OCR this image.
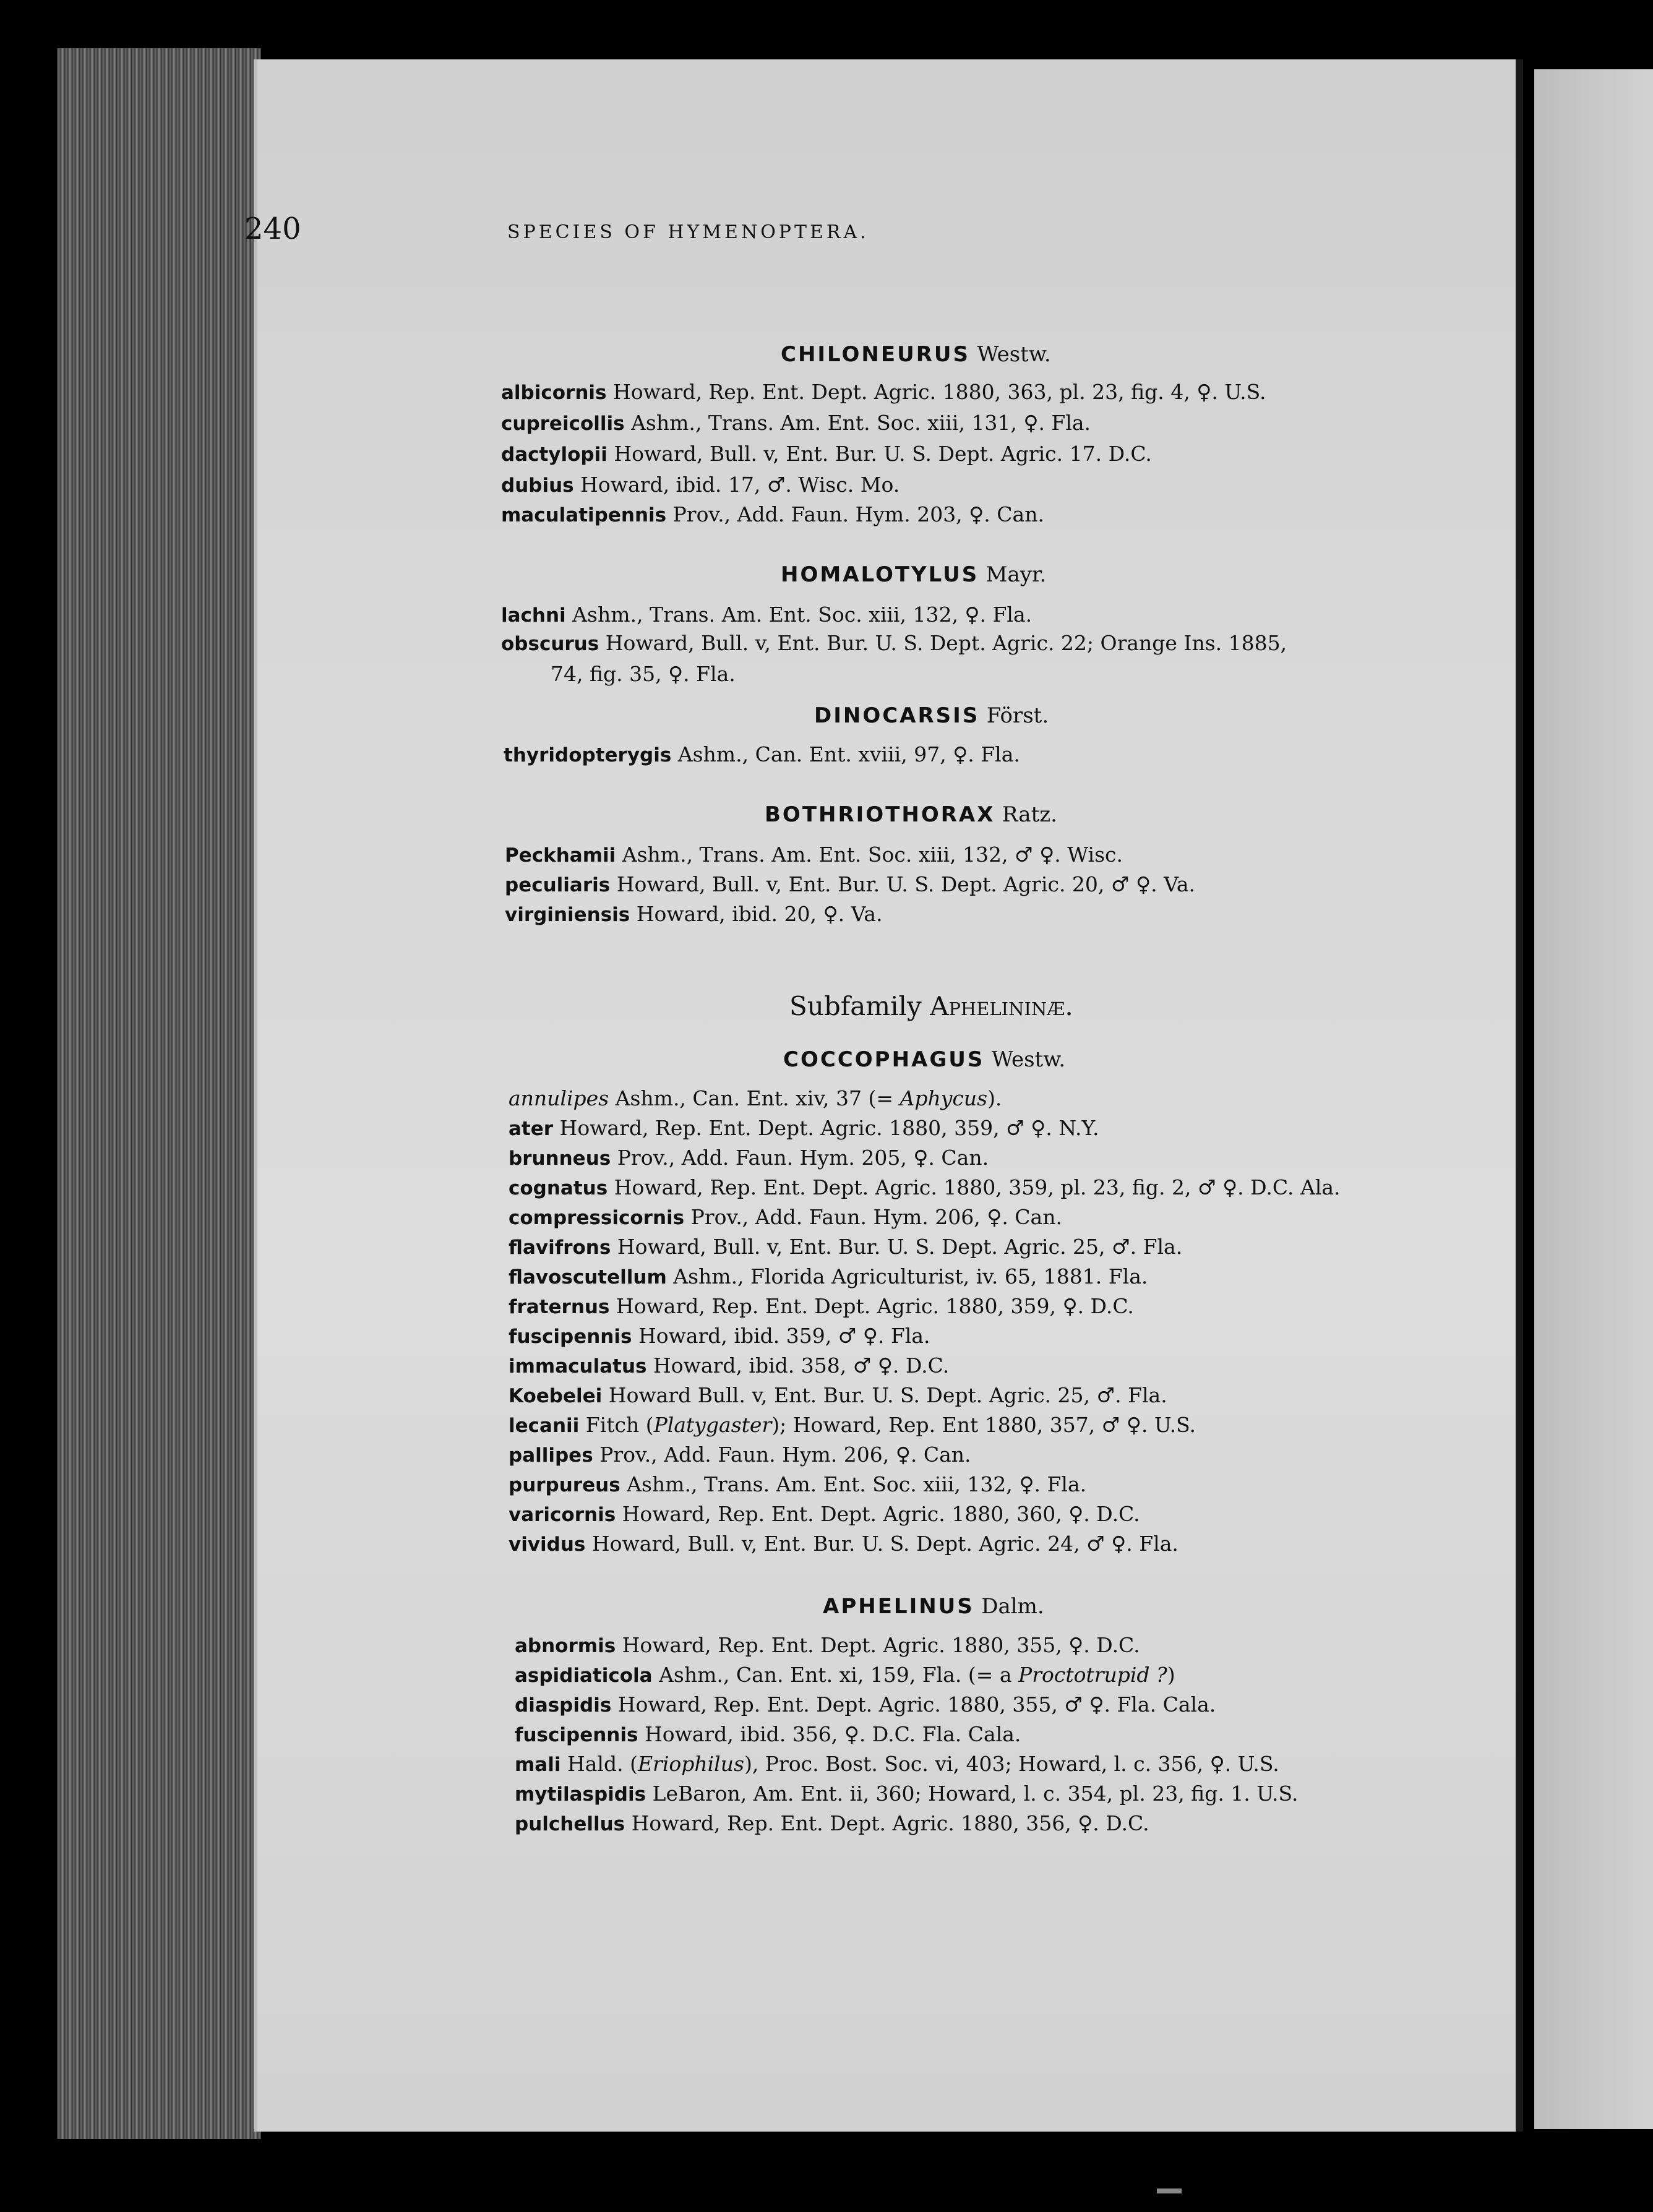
240	SPECIES OF HYMENOPTERA.
CHILONEURUS Westw.
albicornis Howard, Rep. Ent. Dept. Agric. 1880, 363, pl. 23, fig. 4, ♀. U.S.
cupreicollis Ashm., Trans. Am. Ent. Soc. xiii, 131, ♀. Fla.
dactylopii Howard, Bull. v, Ent. Bur. U. S. Dept. Agric. 17. D.C.
dubius Howard, ibid. 17, ♂. Wisc. Mo.
maculatipennis Prov., Add. Faun. Hym. 203, ♀. Can.
HOMALOTYLUS Mayr.
lachni Ashm., Trans. Am. Ent. Soc. xiii, 132, ♀. Fla.
obscurus Howard, Bull. v, Ent. Bur. U. S. Dept. Agric. 22; Orange Ins. 1885,
74, fig. 35, ♀. Fla.
DINOCARSIS Först.
thyridopterygis Ashm., Can. Ent. xviii, 97, ♀. Fla.
BOTHRIOTHORAX Ratz.
Peckhamii Ashm., Trans. Am. Ent. Soc. xiii, 132, ♂ ♀. Wisc.
peculiaris Howard, Bull. v, Ent. Bur. U. S. Dept. Agric. 20, ♂ ♀. Va.
virginiensis Howard, ibid. 20, ♀. Va.
Subfamily Aphelininæ.
COCCOPHAGUS Westw.
annulipes Ashm., Can. Ent. xiv, 37 (= Aphycus).
ater Howard, Rep. Ent. Dept. Agric. 1880, 359, ♂ ♀. N.Y.
brunneus Prov., Add. Faun. Hym. 205, ♀. Can.
cognatus Howard, Rep. Ent. Dept. Agric. 1880, 359, pl. 23, fig. 2, ♂ ♀. D.C. Ala.
compressicornis Prov., Add. Faun. Hym. 206, ♀. Can.
flavifrons Howard, Bull. v, Ent. Bur. U. S. Dept. Agric. 25, ♂. Fla.
flavoscutellum Ashm., Florida Agriculturist, iv. 65, 1881. Fla.
fraternus Howard, Rep. Ent. Dept. Agric. 1880, 359, ♀. D.C.
fuscipennis Howard, ibid. 359, ♂ ♀. Fla.
immaculatus Howard, ibid. 358, ♂ ♀. D.C.
Koebelei Howard Bull. v, Ent. Bur. U. S. Dept. Agric. 25, ♂. Fla.
lecanii Fitch (Platygaster); Howard, Rep. Ent 1880, 357, ♂ ♀. U.S.
pallipes Prov., Add. Faun. Hym. 206, ♀. Can.
purpureus Ashm., Trans. Am. Ent. Soc. xiii, 132, ♀. Fla.
varicornis Howard, Rep. Ent. Dept. Agric. 1880, 360, ♀. D.C.
vividus Howard, Bull. v, Ent. Bur. U. S. Dept. Agric. 24, ♂ ♀. Fla.
APHELINUS Dalm.
abnormis Howard, Rep. Ent. Dept. Agric. 1880, 355, ♀. D.C.
aspidiaticola Ashm., Can. Ent. xi, 159, Fla. (= a Proctotrupid ?)
diaspidis Howard, Rep. Ent. Dept. Agric. 1880, 355, ♂ ♀. Fla. Cala.
fuscipennis Howard, ibid. 356, ♀. D.C. Fla. Cala.
mali Hald. (Eriophilus), Proc. Bost. Soc. vi, 403; Howard, l. c. 356, ♀. U.S.
mytilaspidis LeBaron, Am. Ent. ii, 360; Howard, l. c. 354, pl. 23, fig. 1. U.S.
pulchellus Howard, Rep. Ent. Dept. Agric. 1880, 356, ♀. D.C.
